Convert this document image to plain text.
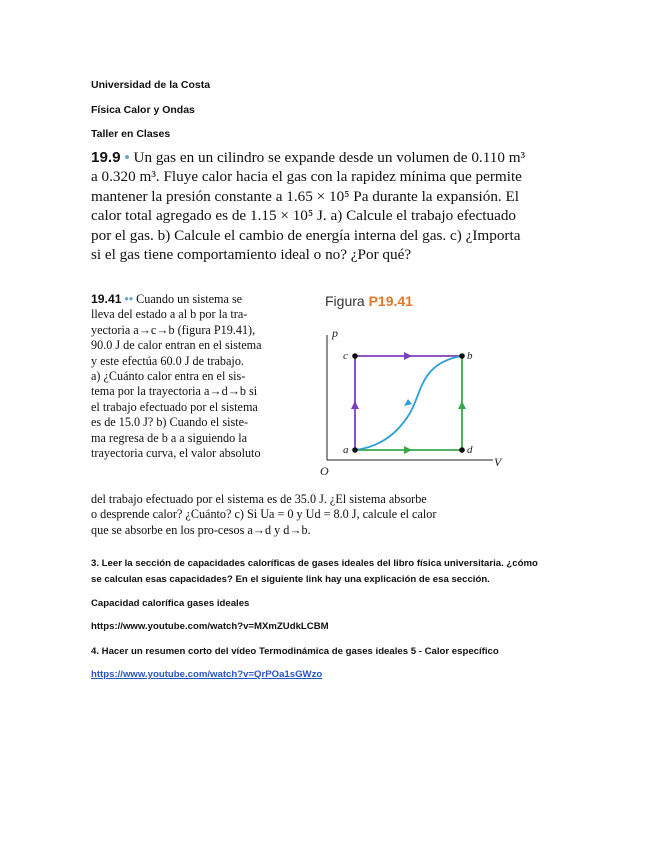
Universidad de la Costa
Física Calor y Ondas
Taller en Clases
19.9 • Un gas en un cilindro se expande desde un volumen de 0.110 m³
a 0.320 m³. Fluye calor hacia el gas con la rapidez mínima que permite
mantener la presión constante a 1.65 × 10⁵ Pa durante la expansión. El
calor total agregado es de 1.15 × 10⁵ J. a) Calcule el trabajo efectuado
por el gas. b) Calcule el cambio de energía interna del gas. c) ¿Importa
si el gas tiene comportamiento ideal o no? ¿Por qué?
19.41 •• Cuando un sistema se
lleva del estado a al b por la tra-
yectoria a→c→b (figura P19.41),
90.0 J de calor entran en el sistema
y este efectúa 60.0 J de trabajo.
a) ¿Cuánto calor entra en el sis-
tema por la trayectoria a→d→b si
el trabajo efectuado por el sistema
es de 15.0 J? b) Cuando el siste-
ma regresa de b a a siguiendo la
trayectoria curva, el valor absoluto
del trabajo efectuado por el sistema es de 35.0 J. ¿El sistema absorbe
o desprende calor? ¿Cuánto? c) Si Ua = 0 y Ud = 8.0 J, calcule el calor
que se absorbe en los pro-cesos a→d y d→b.
Figura P19.41
p
V
O
c	b
a	d
3. Leer la sección de capacidades caloríficas de gases ideales del libro física universitaria. ¿cómo
se calculan esas capacidades? En el siguiente link hay una explicación de esa sección.
Capacidad calorífica gases ideales
https://www.youtube.com/watch?v=MXmZUdkLCBM
4. Hacer un resumen corto del vídeo Termodinámica de gases ideales 5 - Calor específico
https://www.youtube.com/watch?v=QrPOa1sGWzo
